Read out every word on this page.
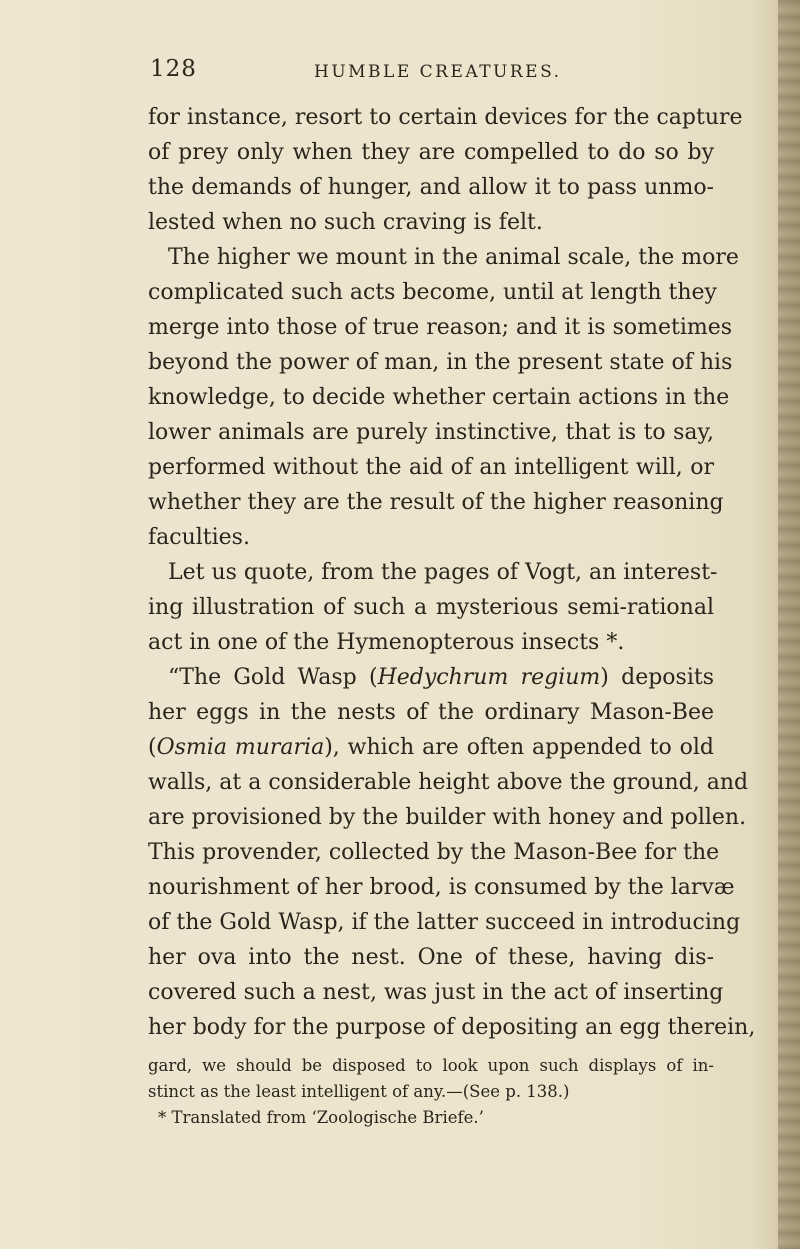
128	HUMBLE CREATURES.
for instance, resort to certain devices for the capture
of prey only when they are compelled to do so by
the demands of hunger, and allow it to pass unmo-
lested when no such craving is felt.
The higher we mount in the animal scale, the more
complicated such acts become, until at length they
merge into those of true reason; and it is sometimes
beyond the power of man, in the present state of his
knowledge, to decide whether certain actions in the
lower animals are purely instinctive, that is to say,
performed without the aid of an intelligent will, or
whether they are the result of the higher reasoning
faculties.
Let us quote, from the pages of Vogt, an interest-
ing illustration of such a mysterious semi-rational
act in one of the Hymenopterous insects *.
“The Gold Wasp (Hedychrum regium) deposits
her eggs in the nests of the ordinary Mason-Bee
(Osmia muraria), which are often appended to old
walls, at a considerable height above the ground, and
are provisioned by the builder with honey and pollen.
This provender, collected by the Mason-Bee for the
nourishment of her brood, is consumed by the larvæ
of the Gold Wasp, if the latter succeed in introducing
her ova into the nest. One of these, having dis-
covered such a nest, was just in the act of inserting
her body for the purpose of depositing an egg therein,
gard, we should be disposed to look upon such displays of in-
stinct as the least intelligent of any.—(See p. 138.)
* Translated from ‘Zoologische Briefe.’
